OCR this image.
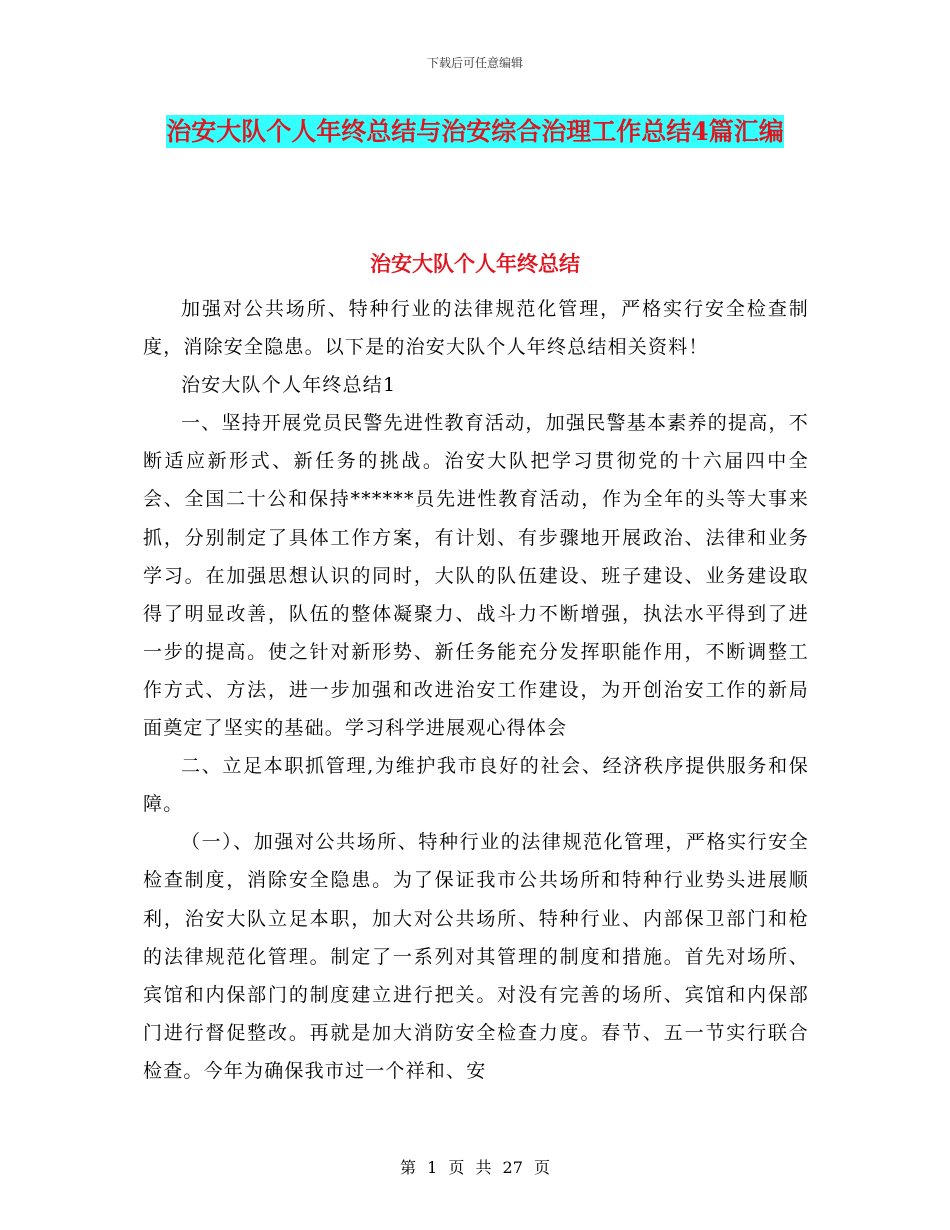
下载后可任意编辑
治安大队个人年终总结与治安综合治理工作总结4篇汇编
治安大队个人年终总结

加强对公共场所、特种行业的法律规范化管理，严格实行安全检查制度，消除安全隐患。以下是的治安大队个人年终总结相关资料！

治安大队个人年终总结1

一、坚持开展党员民警先进性教育活动，加强民警基本素养的提高，不断适应新形式、新任务的挑战。治安大队把学习贯彻党的十六届四中全会、全国二十公和保持******员先进性教育活动，作为全年的头等大事来抓，分别制定了具体工作方案，有计划、有步骤地开展政治、法律和业务学习。在加强思想认识的同时，大队的队伍建设、班子建设、业务建设取得了明显改善，队伍的整体凝聚力、战斗力不断增强，执法水平得到了进一步的提高。使之针对新形势、新任务能充分发挥职能作用，不断调整工作方式、方法，进一步加强和改进治安工作建设，为开创治安工作的新局面奠定了坚实的基础。学习科学进展观心得体会

二、立足本职抓管理,为维护我市良好的社会、经济秩序提供服务和保障。

（一）、加强对公共场所、特种行业的法律规范化管理，严格实行安全检查制度，消除安全隐患。为了保证我市公共场所和特种行业势头进展顺利，治安大队立足本职，加大对公共场所、特种行业、内部保卫部门和枪的法律规范化管理。制定了一系列对其管理的制度和措施。首先对场所、宾馆和内保部门的制度建立进行把关。对没有完善的场所、宾馆和内保部门进行督促整改。再就是加大消防安全检查力度。春节、五一节实行联合检查。今年为确保我市过一个祥和、安

第 1 页 共 27 页
